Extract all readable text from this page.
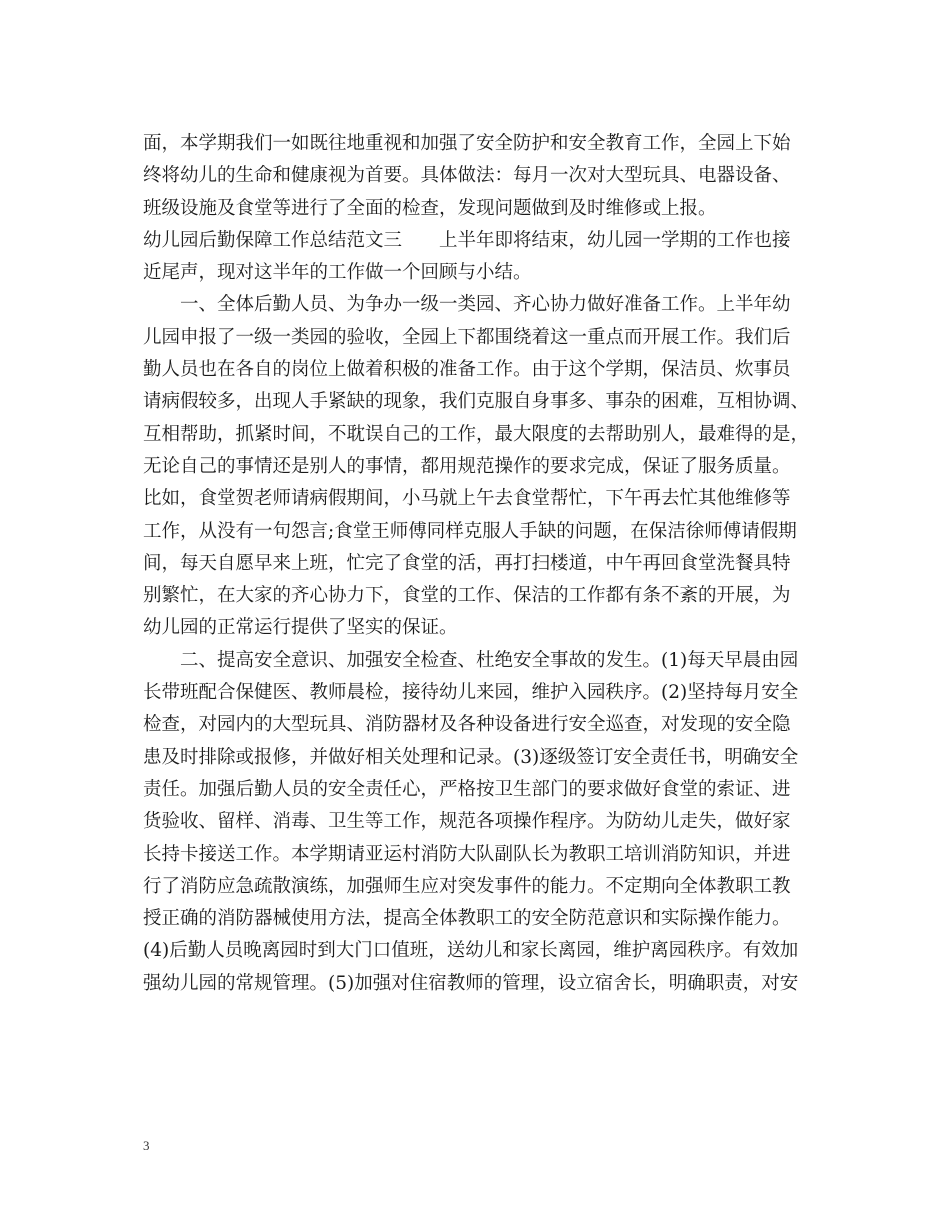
面，本学期我们一如既往地重视和加强了安全防护和安全教育工作，全园上下始
终将幼儿的生命和健康视为首要。具体做法：每月一次对大型玩具、电器设备、
班级设施及食堂等进行了全面的检查，发现问题做到及时维修或上报。
幼儿园后勤保障工作总结范文三　　上半年即将结束，幼儿园一学期的工作也接
近尾声，现对这半年的工作做一个回顾与小结。
　　一、全体后勤人员、为争办一级一类园、齐心协力做好准备工作。上半年幼
儿园申报了一级一类园的验收，全园上下都围绕着这一重点而开展工作。我们后
勤人员也在各自的岗位上做着积极的准备工作。由于这个学期，保洁员、炊事员
请病假较多，出现人手紧缺的现象，我们克服自身事多、事杂的困难，互相协调、
互相帮助，抓紧时间，不耽误自己的工作，最大限度的去帮助别人，最难得的是，
无论自己的事情还是别人的事情，都用规范操作的要求完成，保证了服务质量。
比如，食堂贺老师请病假期间，小马就上午去食堂帮忙，下午再去忙其他维修等
工作，从没有一句怨言;食堂王师傅同样克服人手缺的问题，在保洁徐师傅请假期
间，每天自愿早来上班，忙完了食堂的活，再打扫楼道，中午再回食堂洗餐具特
别繁忙，在大家的齐心协力下，食堂的工作、保洁的工作都有条不紊的开展，为
幼儿园的正常运行提供了坚实的保证。
　　二、提高安全意识、加强安全检查、杜绝安全事故的发生。(1)每天早晨由园
长带班配合保健医、教师晨检，接待幼儿来园，维护入园秩序。(2)坚持每月安全
检查，对园内的大型玩具、消防器材及各种设备进行安全巡查，对发现的安全隐
患及时排除或报修，并做好相关处理和记录。(3)逐级签订安全责任书，明确安全
责任。加强后勤人员的安全责任心，严格按卫生部门的要求做好食堂的索证、进
货验收、留样、消毒、卫生等工作，规范各项操作程序。为防幼儿走失，做好家
长持卡接送工作。本学期请亚运村消防大队副队长为教职工培训消防知识，并进
行了消防应急疏散演练，加强师生应对突发事件的能力。不定期向全体教职工教
授正确的消防器械使用方法，提高全体教职工的安全防范意识和实际操作能力。
(4)后勤人员晚离园时到大门口值班，送幼儿和家长离园，维护离园秩序。有效加
强幼儿园的常规管理。(5)加强对住宿教师的管理，设立宿舍长，明确职责，对安
3
